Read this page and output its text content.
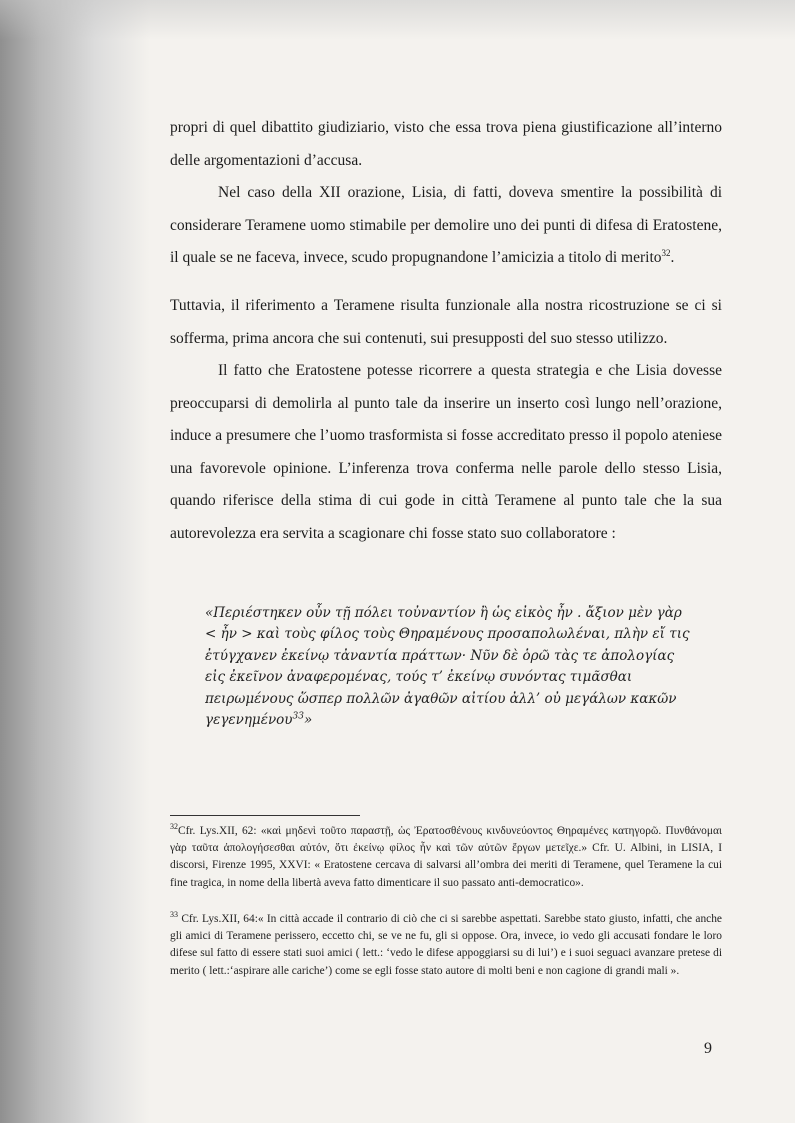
propri di quel dibattito giudiziario, visto che essa trova piena giustificazione all’interno delle argomentazioni d’accusa.

Nel caso della XII orazione, Lisia, di fatti, doveva smentire la possibilità di considerare Teramene uomo stimabile per demolire uno dei punti di difesa di Eratostene, il quale se ne faceva, invece, scudo propugnandone l’amicizia a titolo di merito$^{32}$.

Tuttavia, il riferimento a Teramene risulta funzionale alla nostra ricostruzione se ci si sofferma, prima ancora che sui contenuti, sui presupposti del suo stesso utilizzo.

Il fatto che Eratostene potesse ricorrere a questa strategia e che Lisia dovesse preoccuparsi di demolirla al punto tale da inserire un inserto così lungo nell’orazione, induce a presumere che l’uomo trasformista si fosse accreditato presso il popolo ateniese una favorevole opinione. L’inferenza trova conferma nelle parole dello stesso Lisia, quando riferisce della stima di cui gode in città Teramene al punto tale che la sua autorevolezza era servita a scagionare chi fosse stato suo collaboratore :

«Περιέστηκεν οὖν τῇ πόλει τοὐναντίον ἢ ὡς εἰκὸς ἦν . ἄξιον μὲν γὰρ
< ἦν > καὶ τοὺς φίλος τοὺς Θηραμένους προσαπολωλέναι, πλὴν εἴ τις
ἐτύγχανεν ἐκείνῳ τἀναντία πράττων· Νῦν δὲ ὁρῶ τὰς τε ἀπολογίας
εἰς ἐκεῖνον ἀναφερομένας, τούς τ’ ἐκείνῳ συνόντας τιμᾶσθαι
πειρωμένους ὥσπερ πολλῶν ἀγαθῶν αἰτίου ἀλλ’ οὐ μεγάλων κακῶν
γεγενημένου$^{33}$»
$^{32}$Cfr. Lys.XII, 62: «καὶ μηδενὶ τοῦτο παραστῇ, ὡς Ἐρατοσθένους κινδυνεύοντος Θηραμένες κατηγορῶ. Πυνθάνομαι γὰρ ταῦτα ἀπολογήσεσθαι αὐτόν, ὅτι ἐκείνῳ φίλος ἦν καὶ τῶν αὐτῶν ἔργων μετεῖχε.» Cfr. U. Albini, in LISIA, I discorsi, Firenze 1995, XXVI: « Eratostene cercava di salvarsi all’ombra dei meriti di Teramene, quel Teramene la cui fine tragica, in nome della libertà aveva fatto dimenticare il suo passato anti-democratico».
$^{33}$ Cfr. Lys.XII, 64:« In città accade il contrario di ciò che ci si sarebbe aspettati. Sarebbe stato giusto, infatti, che anche gli amici di Teramene perissero, eccetto chi, se ve ne fu, gli si oppose. Ora, invece, io vedo gli accusati fondare le loro difese sul fatto di essere stati suoi amici ( lett.: ‘vedo le difese appoggiarsi su di lui’) e i suoi seguaci avanzare pretese di merito ( lett.:‘aspirare alle cariche’) come se egli fosse stato autore di molti beni e non cagione di grandi mali ».
9
